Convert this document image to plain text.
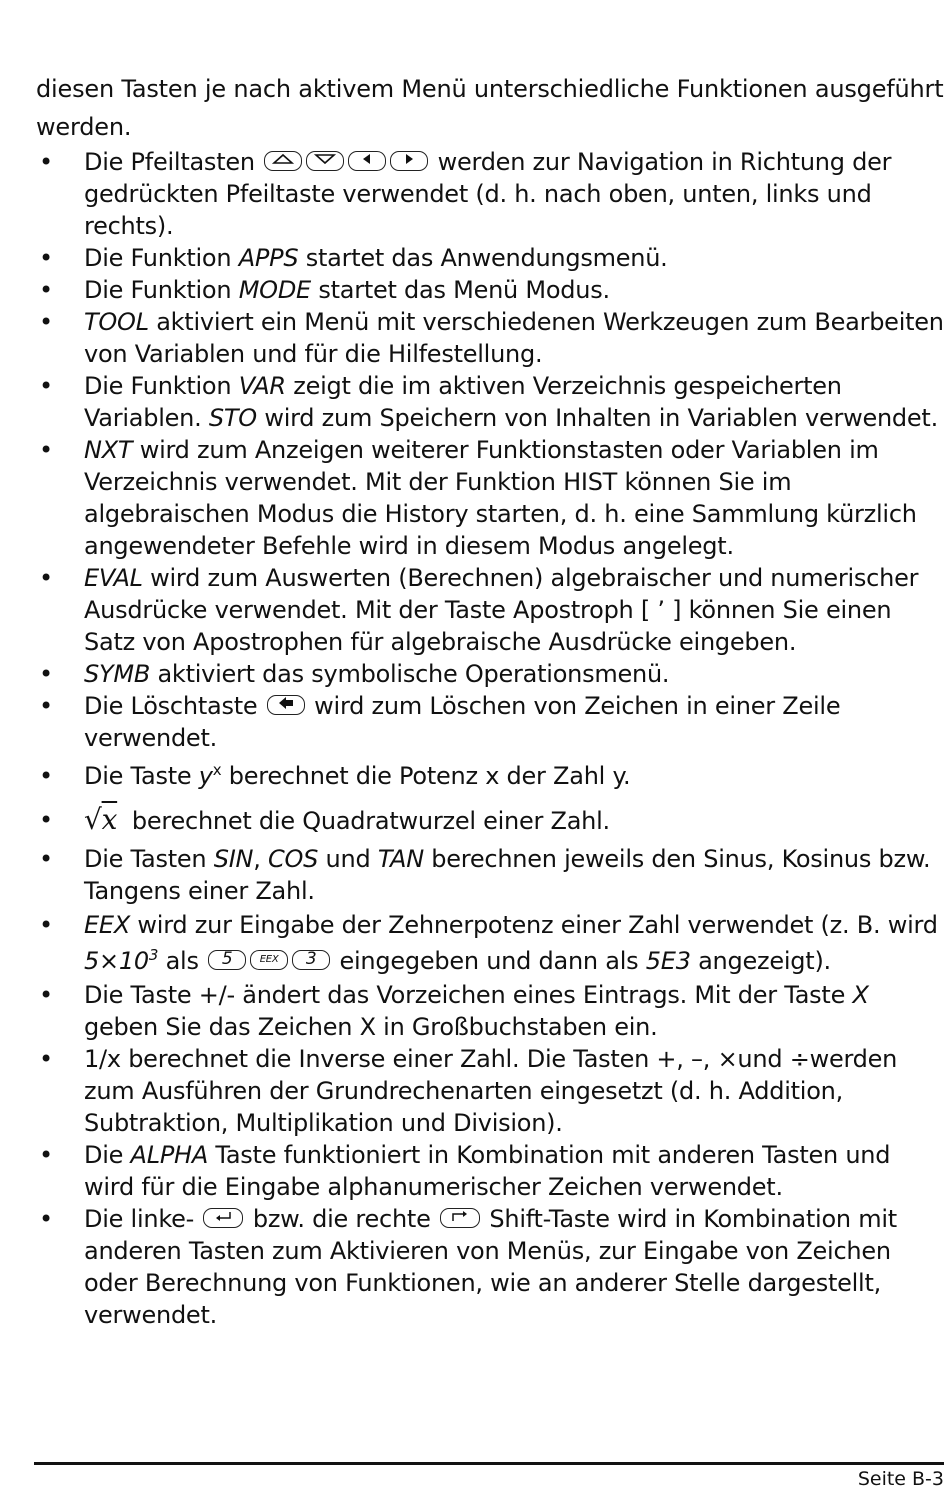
diesen Tasten je nach aktivem Menü unterschiedliche Funktionen ausgeführt werden.

• Die Pfeiltasten	werden zur Navigation in Richtung der gedrückten Pfeiltaste verwendet (d. h. nach oben, unten, links und rechts).
• Die Funktion APPS startet das Anwendungsmenü.
• Die Funktion MODE startet das Menü Modus.
• TOOL aktiviert ein Menü mit verschiedenen Werkzeugen zum Bearbeiten von Variablen und für die Hilfestellung.
• Die Funktion VAR zeigt die im aktiven Verzeichnis gespeicherten Variablen. STO wird zum Speichern von Inhalten in Variablen verwendet.
• NXT wird zum Anzeigen weiterer Funktionstasten oder Variablen im Verzeichnis verwendet. Mit der Funktion HIST können Sie im algebraischen Modus die History starten, d. h. eine Sammlung kürzlich angewendeter Befehle wird in diesem Modus angelegt.
• EVAL wird zum Auswerten (Berechnen) algebraischer und numerischer Ausdrücke verwendet. Mit der Taste Apostroph [ ’ ] können Sie einen Satz von Apostrophen für algebraische Ausdrücke eingeben.
• SYMB aktiviert das symbolische Operationsmenü.
• Die Löschtaste wird zum Löschen von Zeichen in einer Zeile verwendet.
• Die Taste $y^x$ berechnet die Potenz x der Zahl y.
• √x berechnet die Quadratwurzel einer Zahl.
• Die Tasten SIN, COS und TAN berechnen jeweils den Sinus, Kosinus bzw. Tangens einer Zahl.
• EEX wird zur Eingabe der Zehnerpotenz einer Zahl verwendet (z. B. wird $5\times 10^3$ als 5	EEX 3 eingegeben und dann als 5E3 angezeigt).
• Die Taste +/- ändert das Vorzeichen eines Eintrags. Mit der Taste X geben Sie das Zeichen X in Großbuchstaben ein.
• 1/x berechnet die Inverse einer Zahl. Die Tasten +, –, ×und ÷werden zum Ausführen der Grundrechenarten eingesetzt (d. h. Addition, Subtraktion, Multiplikation und Division).
• Die ALPHA Taste funktioniert in Kombination mit anderen Tasten und wird für die Eingabe alphanumerischer Zeichen verwendet.
• Die linke- bzw. die rechte Shift-Taste wird in Kombination mit anderen Tasten zum Aktivieren von Menüs, zur Eingabe von Zeichen oder Berechnung von Funktionen, wie an anderer Stelle dargestellt, verwendet.
Seite B-3
